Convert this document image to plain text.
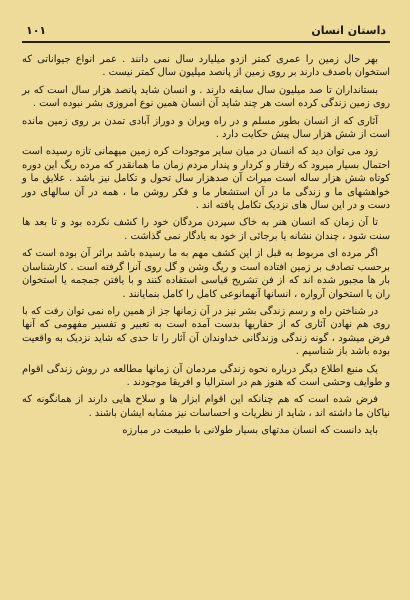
داستان انسان
۱۰۱

بهر حال زمین را عمری کمتر ازدو میلیارد سال نمی دانند . عمر انواع جیواناتی که استخوان باصدف دارند بر روی زمین از پانصد میلیون سال کمتر نیست .

بستانداران تا صد میلیون سال سابقه دارند . و انسان شاید پانصد هزار سال است که بر روی زمین زندگی کرده است هر چند شاید آن انسان همین نوع امروزی بشر نبوده است .

آثاری که از انسان بطور مسلم و در راه ویران و دوراز آبادی تمدن بر روی زمین مانده است از شش هزار سال پیش حکایت دارد .

زود می توان دید که انسان در میان سایر موجودات کره زمین میهمانی تازه رسیده است احتمال بسیار میرود که رفتار و کردار و پندار مردم زمان ما همانقدر که مرده ریگ این دوره کوتاه شش هزار ساله است میراث آن صدهزار سال تحول و تکامل نیز باشد . علایق ما و خواهشهای ما و زندگی ما در آن استشعار ما و فکر روشن ما ، همه در آن سالهای دور دست و در این سال های نزدیک تکامل یافته اند .

تا آن زمان که انسان هنر به خاک سپردن مردگان خود را کشف نکرده بود و تا بعد ها سنت شود ، چندان نشانه یا برجائی از خود به یادگار نمی گذاشت .

اگر مرده ای مربوط به قبل از این کشف مهم به ما رسیده باشد براثر آن بوده است که برحسب تصادف بر زمین افتاده است و ریگ وشن و گل روی آنرا گرفته است . کارشناسان بار ها مجبور شده اند که از فن تشریح قیاسی استفاده کنند و با یافتن جمجمه یا استخوان ران یا استخوان آرواره ، انسانها آنهمانوعی کامل را کامل بنمایانند .

در شناختن راه و رسم زندگی بشر نیز در آن زمانها جز از همین راه نمی توان رفت که با روی هم نهادن آثاری که از حفاریها بدست آمده است به تعبیر و تفسیر مفهومی که آنها فرض میشود ، گونه زندگی وزندگانی خداوندان آن آثار را تا حدی که شاید نزدیک به واقعیت بوده باشد باز شناسیم .

یک منبع اطلاع دیگر درباره نحوه زندگی مردمان آن زمانها مطالعه در روش زندگی اقوام و طوایف وحشی است که هنوز هم در استرالیا و افریقا موجودند .

فرض شده است که هم چنانکه این اقوام ابزار ها و سلاح هایی دارند از همانگونه که نیاکان ما داشته اند ، شاید از نظریات و احساسات نیز مشابه ایشان باشند .

باید دانست که انسان مدتهای بسیار طولانی با طبیعت در مبارزه
